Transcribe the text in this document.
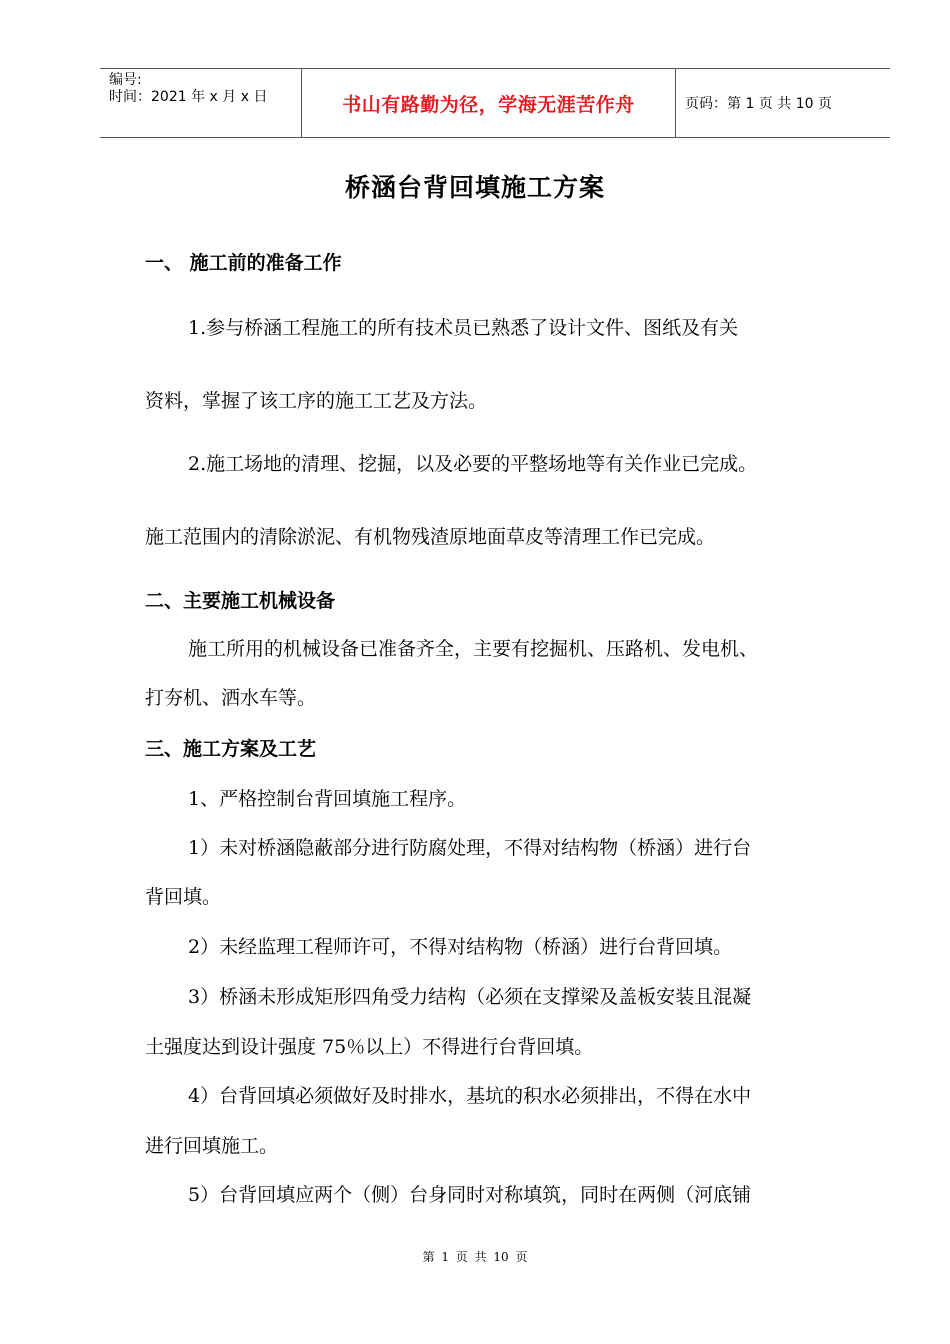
编号:
时间：2021 年 x 月 x 日	书山有路勤为径，学海无涯苦作舟	页码：第 1 页 共 10 页
桥涵台背回填施工方案
一、 施工前的准备工作
1.参与桥涵工程施工的所有技术员已熟悉了设计文件、图纸及有关
资料，掌握了该工序的施工工艺及方法。
2.施工场地的清理、挖掘，以及必要的平整场地等有关作业已完成。
施工范围内的清除淤泥、有机物残渣原地面草皮等清理工作已完成。
二、主要施工机械设备
施工所用的机械设备已准备齐全，主要有挖掘机、压路机、发电机、
打夯机、洒水车等。
三、施工方案及工艺
1、严格控制台背回填施工程序。
1）未对桥涵隐蔽部分进行防腐处理，不得对结构物（桥涵）进行台
背回填。
2）未经监理工程师许可，不得对结构物（桥涵）进行台背回填。
3）桥涵未形成矩形四角受力结构（必须在支撑梁及盖板安装且混凝
土强度达到设计强度 75％以上）不得进行台背回填。
4）台背回填必须做好及时排水，基坑的积水必须排出，不得在水中
进行回填施工。
5）台背回填应两个（侧）台身同时对称填筑，同时在两侧（河底铺
第 1 页 共 10 页
